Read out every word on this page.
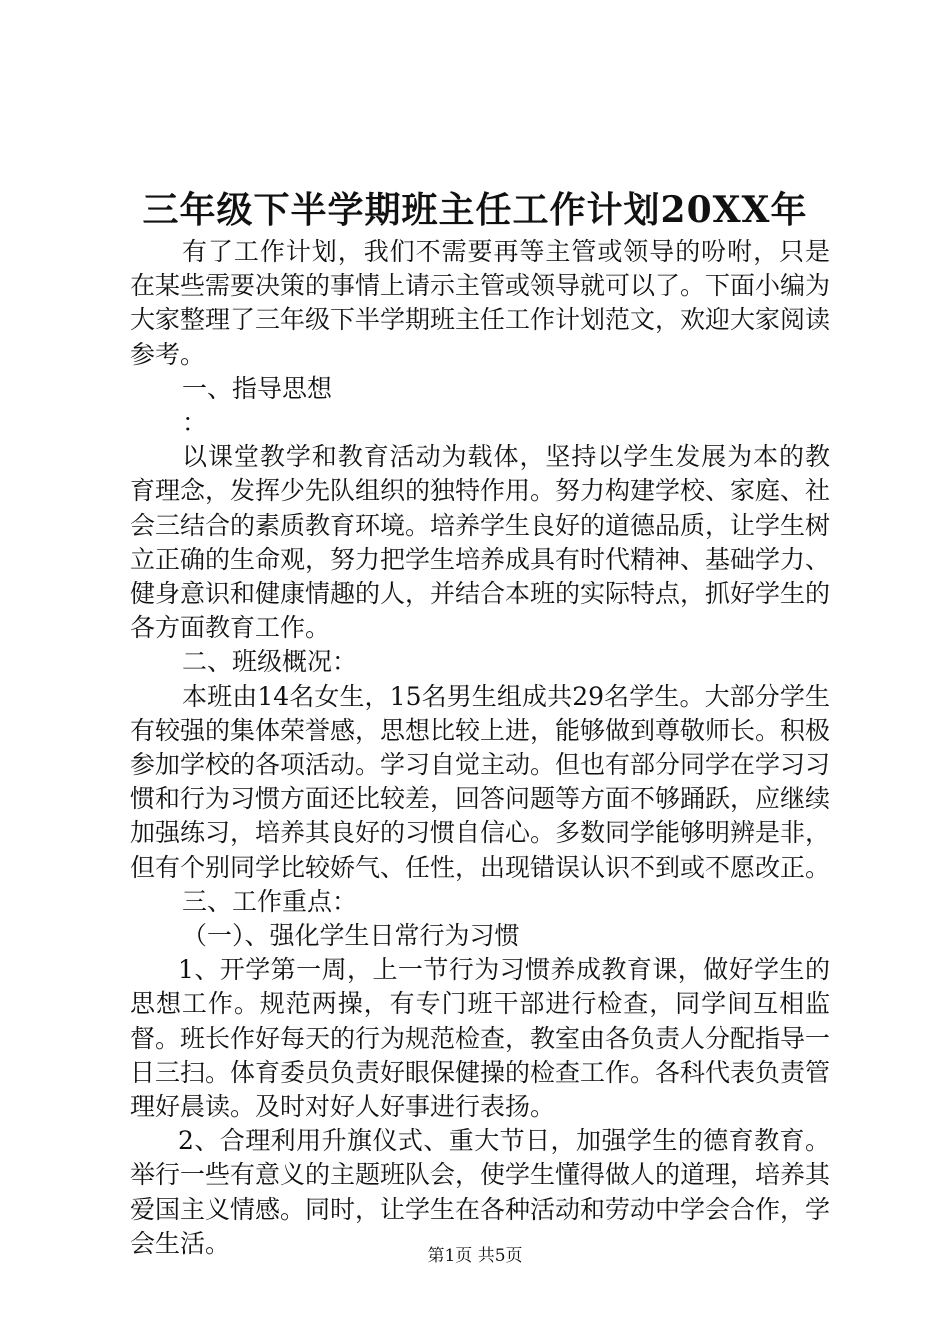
三年级下半学期班主任工作计划20XX年

有了工作计划，我们不需要再等主管或领导的吩咐，只是在某些需要决策的事情上请示主管或领导就可以了。下面小编为大家整理了三年级下半学期班主任工作计划范文，欢迎大家阅读参考。

一、指导思想

：

以课堂教学和教育活动为载体，坚持以学生发展为本的教育理念，发挥少先队组织的独特作用。努力构建学校、家庭、社会三结合的素质教育环境。培养学生良好的道德品质，让学生树立正确的生命观，努力把学生培养成具有时代精神、基础学力、健身意识和健康情趣的人，并结合本班的实际特点，抓好学生的各方面教育工作。

二、班级概况：

本班由14名女生，15名男生组成共29名学生。大部分学生有较强的集体荣誉感，思想比较上进，能够做到尊敬师长。积极参加学校的各项活动。学习自觉主动。但也有部分同学在学习习惯和行为习惯方面还比较差，回答问题等方面不够踊跃，应继续加强练习，培养其良好的习惯自信心。多数同学能够明辨是非，但有个别同学比较娇气、任性，出现错误认识不到或不愿改正。

三、工作重点：

（一）、强化学生日常行为习惯

1、开学第一周，上一节行为习惯养成教育课，做好学生的思想工作。规范两操，有专门班干部进行检查，同学间互相监督。班长作好每天的行为规范检查，教室由各负责人分配指导一日三扫。体育委员负责好眼保健操的检查工作。各科代表负责管理好晨读。及时对好人好事进行表扬。

2、合理利用升旗仪式、重大节日，加强学生的德育教育。举行一些有意义的主题班队会，使学生懂得做人的道理，培养其爱国主义情感。同时，让学生在各种活动和劳动中学会合作，学会生活。	第1页 共5页
